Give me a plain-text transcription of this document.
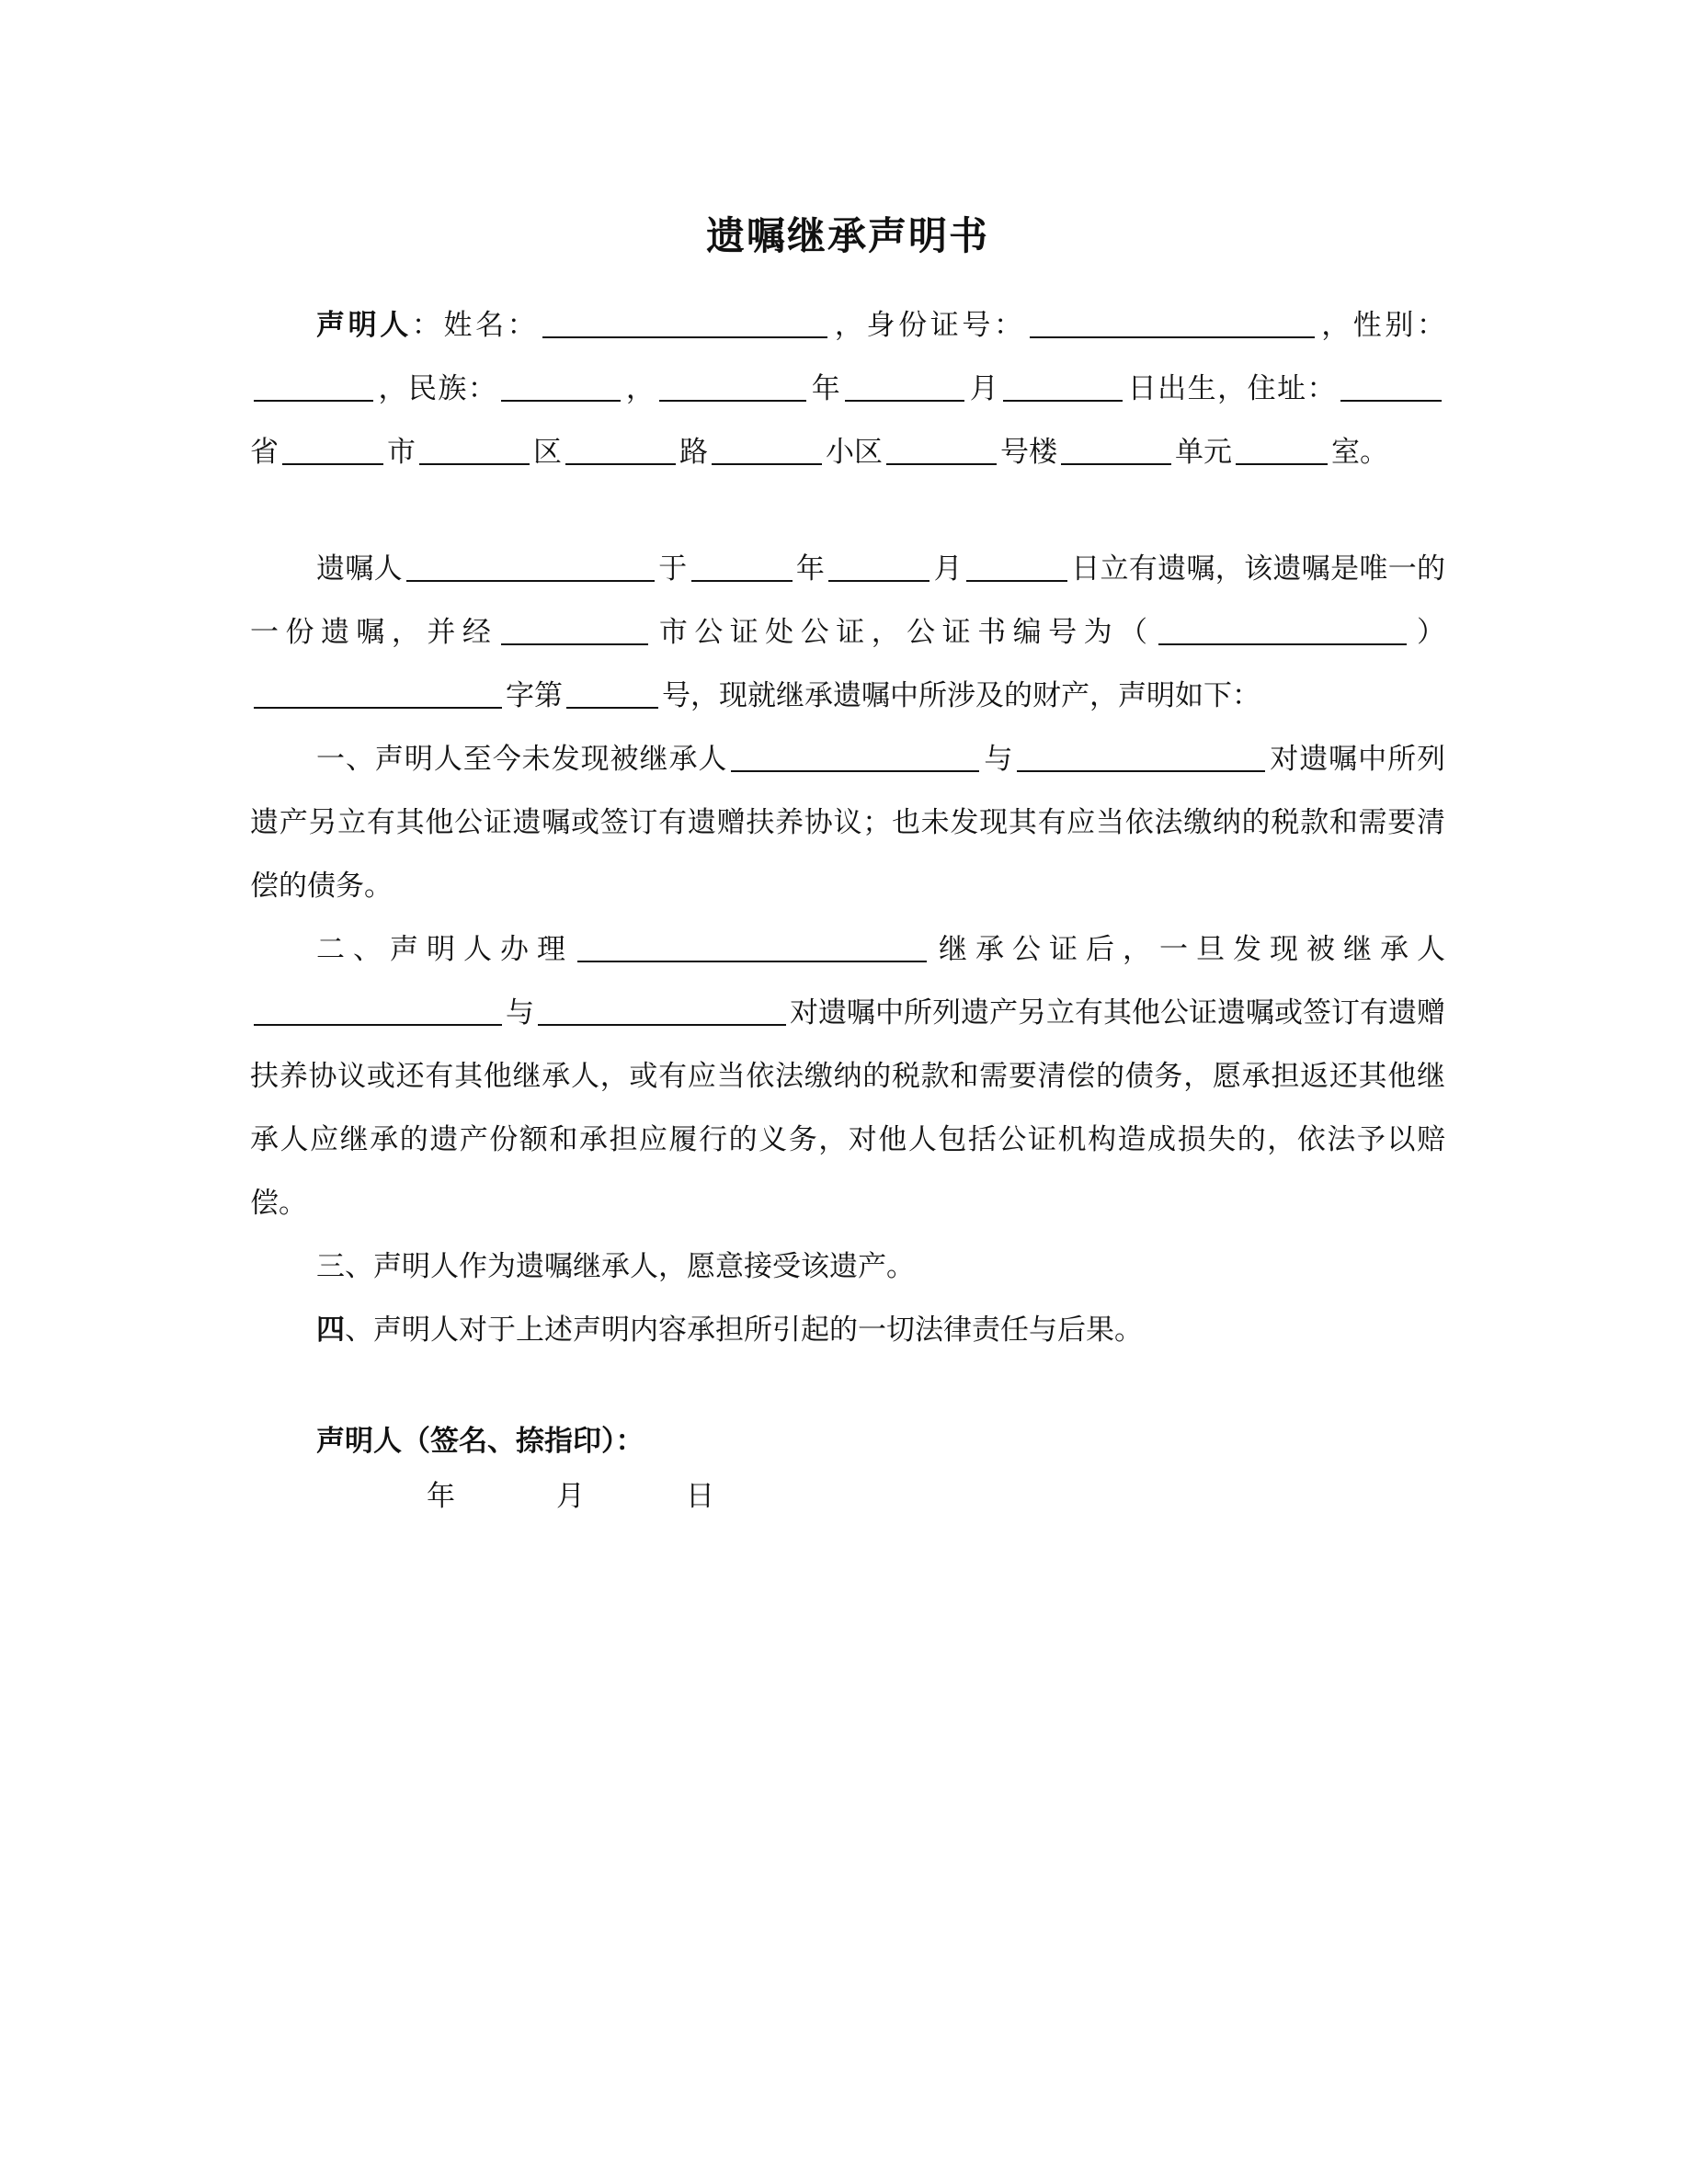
遗嘱继承声明书

声明人：姓名：	，身份证号：	，性别：，民族：	，	年	月	日出生，住址：省	市	区	路	小区	号楼	单元	室。

遗嘱人	于	年	月	日立有遗嘱，该遗嘱是唯一的一份遗嘱，并经	市公证处公证，公证书编号为（	）字第	号，现就继承遗嘱中所涉及的财产，声明如下：

一、声明人至今未发现被继承人	与	对遗嘱中所列遗产另立有其他公证遗嘱或签订有遗赠扶养协议；也未发现其有应当依法缴纳的税款和需要清偿的债务。

二、声明人办理	继承公证后，一旦发现被继承人与	对遗嘱中所列遗产另立有其他公证遗嘱或签订有遗赠扶养协议或还有其他继承人，或有应当依法缴纳的税款和需要清偿的债务，愿承担返还其他继承人应继承的遗产份额和承担应履行的义务，对他人包括公证机构造成损失的，依法予以赔偿。

三、声明人作为遗嘱继承人，愿意接受该遗产。

四、声明人对于上述声明内容承担所引起的一切法律责任与后果。

声明人（签名、捺指印）：
年	月	日
